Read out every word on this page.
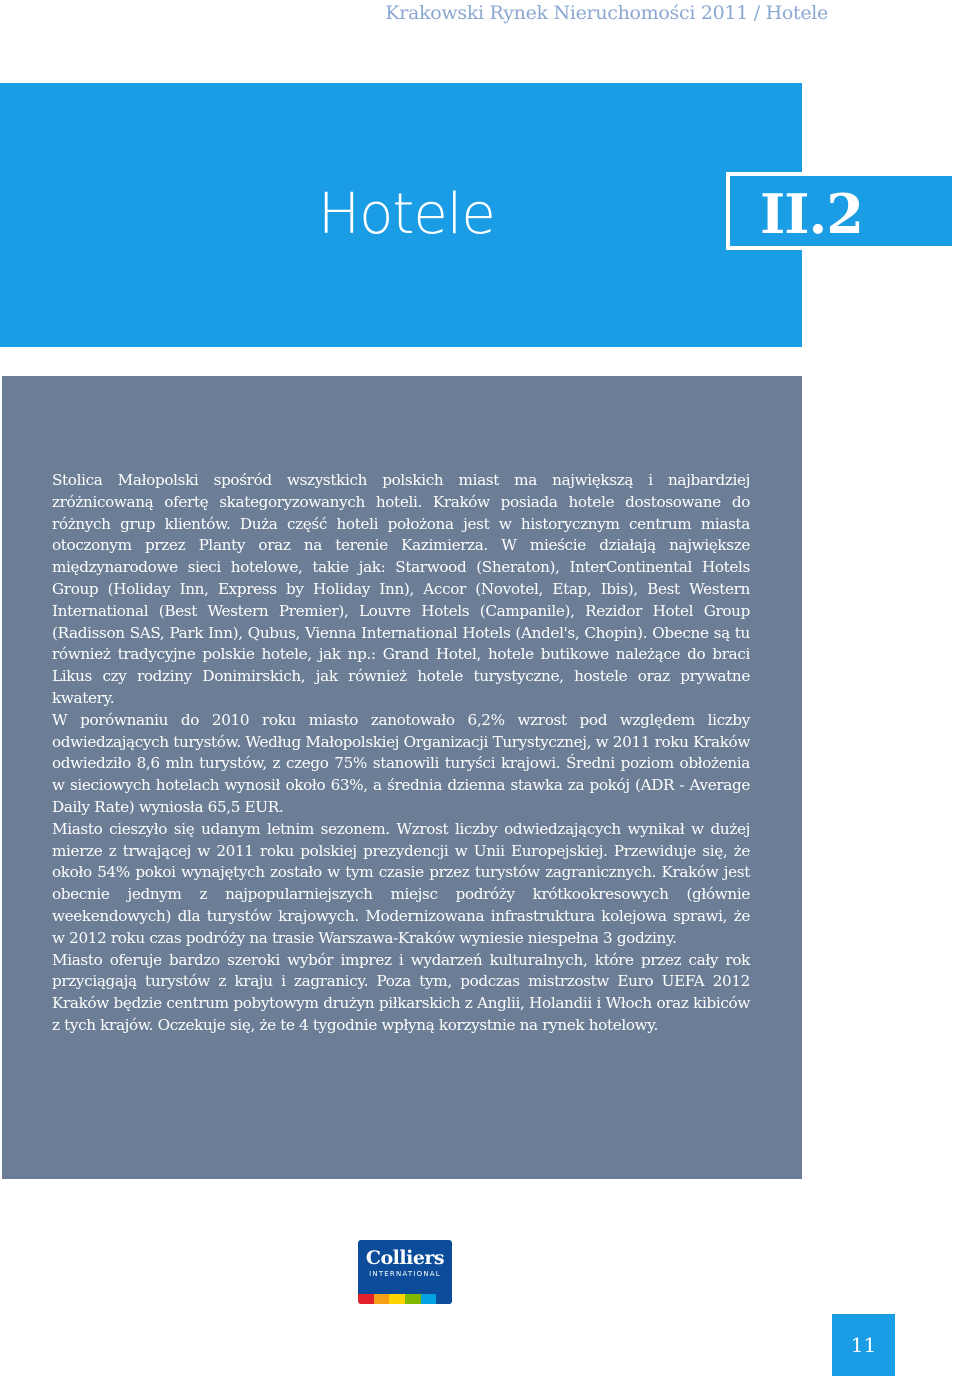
Krakowski Rynek Nieruchomości 2011 / Hotele
Hotele	II.2

Stolica Małopolski spośród wszystkich polskich miast ma największą i najbardziej zróżnicowaną ofertę skategoryzowanych hoteli. Kraków posiada hotele dostosowane do różnych grup klientów. Duża część hoteli położona jest w historycznym centrum miasta otoczonym przez Planty oraz na terenie Kazimierza. W mieście działają największe międzynarodowe sieci hotelowe, takie jak: Starwood (Sheraton), InterContinental Hotels Group (Holiday Inn, Express by Holiday Inn), Accor (Novotel, Etap, Ibis), Best Western International (Best Western Premier), Louvre Hotels (Campanile), Rezidor Hotel Group (Radisson SAS, Park Inn), Qubus, Vienna International Hotels (Andel's, Chopin). Obecne są tu również tradycyjne polskie hotele, jak np.: Grand Hotel, hotele butikowe należące do braci Likus czy rodziny Donimirskich, jak również hotele turystyczne, hostele oraz prywatne kwatery.

W porównaniu do 2010 roku miasto zanotowało 6,2% wzrost pod względem liczby odwiedzających turystów. Według Małopolskiej Organizacji Turystycznej, w 2011 roku Kraków odwiedziło 8,6 mln turystów, z czego 75% stanowili turyści krajowi. Średni poziom obłożenia w sieciowych hotelach wynosił około 63%, a średnia dzienna stawka za pokój (ADR - Average Daily Rate) wyniosła 65,5 EUR.

Miasto cieszyło się udanym letnim sezonem. Wzrost liczby odwiedzających wynikał w dużej mierze z trwającej w 2011 roku polskiej prezydencji w Unii Europejskiej. Przewiduje się, że około 54% pokoi wynajętych zostało w tym czasie przez turystów zagranicznych. Kraków jest obecnie jednym z najpopularniejszych miejsc podróży krótkookresowych (głównie weekendowych) dla turystów krajowych. Modernizowana infrastruktura kolejowa sprawi, że w 2012 roku czas podróży na trasie Warszawa-Kraków wyniesie niespełna 3 godziny.

Miasto oferuje bardzo szeroki wybór imprez i wydarzeń kulturalnych, które przez cały rok przyciągają turystów z kraju i zagranicy. Poza tym, podczas mistrzostw Euro UEFA 2012 Kraków będzie centrum pobytowym drużyn piłkarskich z Anglii, Holandii i Włoch oraz kibiców z tych krajów. Oczekuje się, że te 4 tygodnie wpłyną korzystnie na rynek hotelowy.

Colliers
INTERNATIONAL
11
